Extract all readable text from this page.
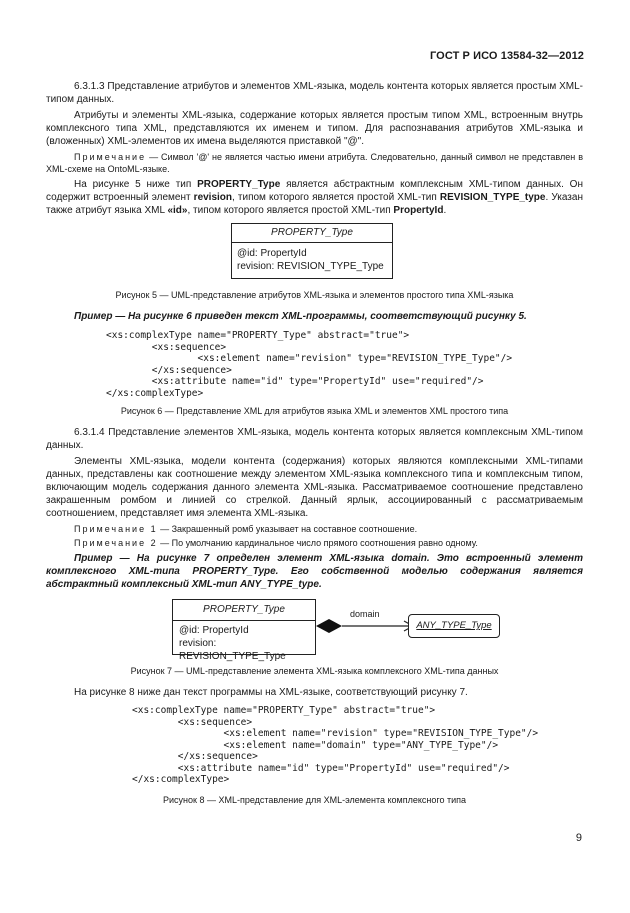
ГОСТ Р ИСО 13584-32—2012

6.3.1.3 Представление атрибутов и элементов XML-языка, модель контента которых является простым XML-типом данных.

Атрибуты и элементы XML-языка, содержание которых является простым типом XML, встроенным внутрь комплексного типа XML, представляются их именем и типом. Для распознавания атрибутов XML-языка и (вложенных) XML-элементов их имена выделяются приставкой "@".

Примечание — Символ '@' не является частью имени атрибута. Следовательно, данный символ не представлен в XML-схеме на OntoML-языке.

На рисунке 5 ниже тип PROPERTY_Type является абстрактным комплексным XML-типом данных. Он содержит встроенный элемент revision, типом которого является простой XML-тип REVISION_TYPE_type. Указан также атрибут языка XML «id», типом которого является простой XML-тип PropertyId.

PROPERTY_Type
@id: PropertyId
revision: REVISION_TYPE_Type

Рисунок 5 — UML-представление атрибутов XML-языка и элементов простого типа XML-языка

Пример — На рисунке 6 приведен текст XML-программы, соответствующий рисунку 5.

<xs:complexType name="PROPERTY_Type" abstract="true">
<xs:sequence>
<xs:element name="revision" type="REVISION_TYPE_Type"/>
</xs:sequence>
<xs:attribute name="id" type="PropertyId" use="required"/>
</xs:complexType>

Рисунок 6 — Представление XML для атрибутов языка XML и элементов XML простого типа

6.3.1.4 Представление элементов XML-языка, модель контента которых является комплексным XML-типом данных.

Элементы XML-языка, модели контента (содержания) которых являются комплексными XML-типами данных, представлены как соотношение между элементом XML-языка комплексного типа и комплексным типом, включающим модель содержания данного элемента XML-языка. Рассматриваемое соотношение представлено закрашенным ромбом и линией со стрелкой. Данный ярлык, ассоциированный с рассматриваемым соотношением, представляет имя элемента XML-языка.

Примечание 1 — Закрашенный ромб указывает на составное соотношение.

Примечание 2 — По умолчанию кардинальное число прямого соотношения равно одному.

Пример — На рисунке 7 определен элемент XML-языка domain. Это встроенный элемент комплексного XML-типа PROPERTY_Type. Его собственной моделью содержания является абстрактный комплексный XML-тип ANY_TYPE_type.

PROPERTY_Type
@id: PropertyId
revision: REVISION_TYPE_Type
domain
ANY_TYPE_Type

Рисунок 7 — UML-представление элемента XML-языка комплексного XML-типа данных

На рисунке 8 ниже дан текст программы на XML-языке, соответствующий рисунку 7.

<xs:complexType name="PROPERTY_Type" abstract="true">
<xs:sequence>
<xs:element name="revision" type="REVISION_TYPE_Type"/>
<xs:element name="domain" type="ANY_TYPE_Type"/>
</xs:sequence>
<xs:attribute name="id" type="PropertyId" use="required"/>
</xs:complexType>

Рисунок 8 — XML-представление для XML-элемента комплексного типа

9
